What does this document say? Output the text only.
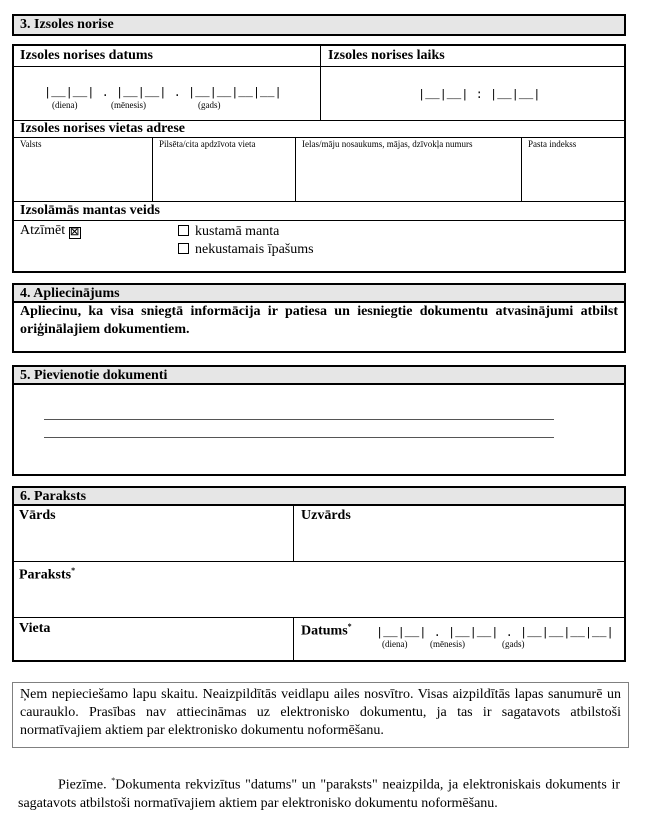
3. Izsoles norise
Izsoles norises datums	Izsoles norises laiks
|__|__| . |__|__| . |__|__|__|__|
(diena)	(mēnesis)	(gads)
|__|__| : |__|__|
Izsoles norises vietas adrese
Valsts	Pilsēta/cita apdzīvota vieta	Ielas/māju nosaukums, mājas, dzīvokļa numurs	Pasta indekss
Izsolāmās mantas veids
Atzīmēt ☒	kustamā manta
nekustamais īpašums
4. Apliecinājums
Apliecinu, ka visa sniegtā informācija ir patiesa un iesniegtie dokumentu atvasinājumi atbilst oriģinālajiem dokumentiem.
5. Pievienotie dokumenti
6. Paraksts
Vārds	Uzvārds
Paraksts*
Vieta	Datums* |__|__| . |__|__| . |__|__|__|__|
(diena)	(mēnesis)	(gads)
Ņem nepieciešamo lapu skaitu. Neaizpildītās veidlapu ailes nosvītro. Visas aizpildītās lapas sanumurē un caurauklo. Prasības nav attiecināmas uz elektronisko dokumentu, ja tas ir sagatavots atbilstoši normatīvajiem aktiem par elektronisko dokumentu noformēšanu.
Piezīme. *Dokumenta rekvizītus "datums" un "paraksts" neaizpilda, ja elektroniskais dokuments ir sagatavots atbilstoši normatīvajiem aktiem par elektronisko dokumentu noformēšanu.
